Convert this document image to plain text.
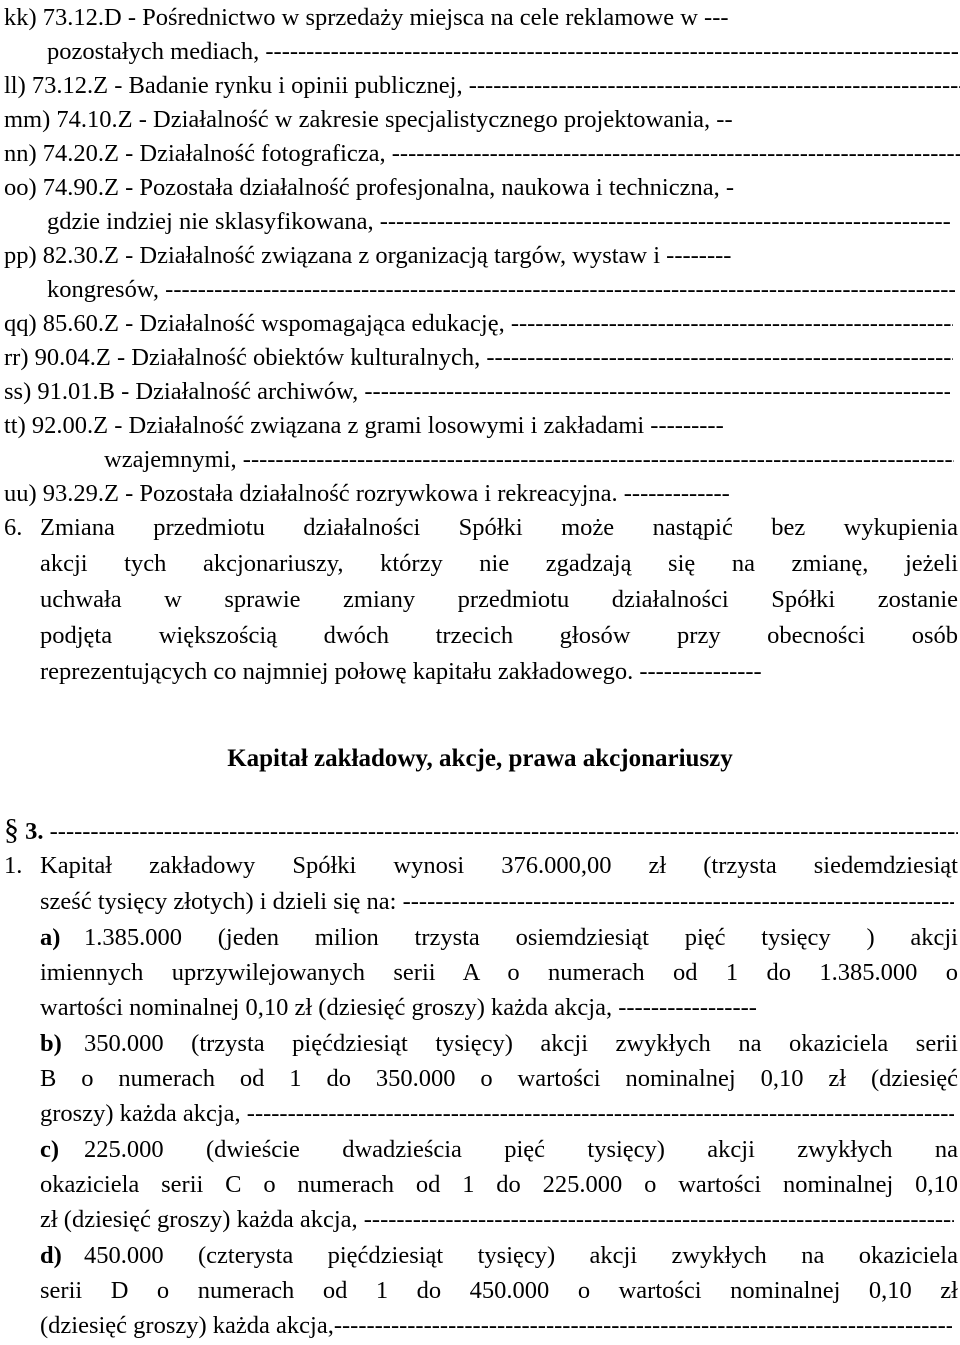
kk) 73.12.D - Pośrednictwo w sprzedaży miejsca na cele reklamowe w ---
pozostałych mediach, -----
ll) 73.12.Z - Badanie rynku i opinii publicznej, -----
mm) 74.10.Z - Działalność w zakresie specjalistycznego projektowania, --
nn) 74.20.Z - Działalność fotograficza, -----
oo) 74.90.Z - Pozostała działalność profesjonalna, naukowa i techniczna, -
gdzie indziej nie sklasyfikowana, -----
pp) 82.30.Z - Działalność związana z organizacją targów, wystaw i --------
kongresów, -----
qq) 85.60.Z - Działalność wspomagająca edukację, -----
rr) 90.04.Z - Działalność obiektów kulturalnych, -----
ss) 91.01.B - Działalność archiwów, -----
tt) 92.00.Z - Działalność związana z grami losowymi i zakładami ---------
wzajemnymi, -----
uu) 93.29.Z - Pozostała działalność rozrywkowa i rekreacyjna. -------------
6. Zmiana przedmiotu działalności Spółki może nastąpić bez wykupienia
akcji tych akcjonariuszy, którzy nie zgadzają się na zmianę, jeżeli
uchwała w sprawie zmiany przedmiotu działalności Spółki zostanie
podjęta większością dwóch trzecich głosów przy obecności osób
reprezentujących co najmniej połowę kapitału zakładowego. ---------------
Kapitał zakładowy, akcje, prawa akcjonariuszy
§ 3. -----
1. Kapitał zakładowy Spółki wynosi 376.000,00 zł (trzysta siedemdziesiąt
sześć tysięcy złotych) i dzieli się na: -----
a) 1.385.000 (jeden milion trzysta osiemdziesiąt pięć tysięcy ) akcji
imiennych uprzywilejowanych serii A o numerach od 1 do 1.385.000 o
wartości nominalnej 0,10 zł (dziesięć groszy) każda akcja, -----------------
b) 350.000 (trzysta pięćdziesiąt tysięcy) akcji zwykłych na okaziciela serii
B o numerach od 1 do 350.000 o wartości nominalnej 0,10 zł (dziesięć
groszy) każda akcja, -----
c)	225.000 (dwieście dwadzieścia pięć tysięcy) akcji zwykłych na
okaziciela serii C o numerach od 1 do 225.000 o wartości nominalnej 0,10
zł (dziesięć groszy) każda akcja, -----
d) 450.000 (czterysta pięćdziesiąt tysięcy) akcji zwykłych na okaziciela
serii D o numerach od 1 do 450.000 o wartości nominalnej 0,10 zł
(dziesięć groszy) każda akcja, -----
